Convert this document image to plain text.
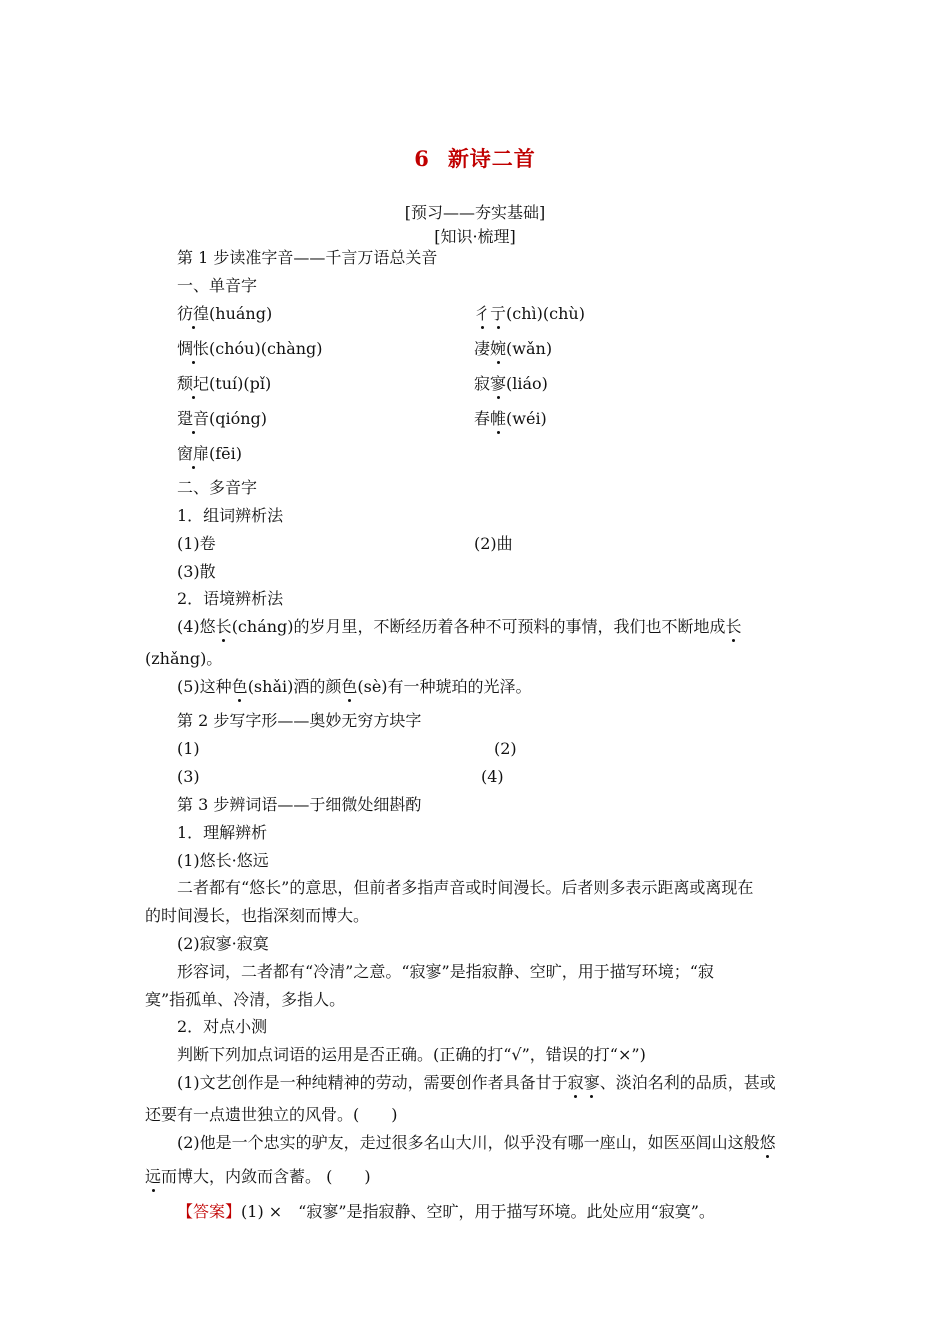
6 新诗二首
[预习——夯实基础]
[知识·梳理]
第 1 步读准字音——千言万语总关音
一、单音字
彷徨(huáng)	彳亍(chì)(chù)
惆怅(chóu)(chàng)	凄婉(wǎn)
颓圮(tuí)(pǐ)	寂寥(liáo)
跫音(qióng)	春帷(wéi)
窗扉(fēi)
二、多音字
1．组词辨析法
(1)卷	(2)曲
(3)散
2．语境辨析法
(4)悠长(cháng)的岁月里，不断经历着各种不可预料的事情，我们也不断地成长
(zhǎng)。
(5)这种色(shǎi)酒的颜色(sè)有一种琥珀的光泽。
第 2 步写字形——奥妙无穷方块字
(1)	(2)
(3)	(4)
第 3 步辨词语——于细微处细斟酌
1．理解辨析
(1)悠长·悠远
二者都有“悠长”的意思，但前者多指声音或时间漫长。后者则多表示距离或离现在
的时间漫长，也指深刻而博大。
(2)寂寥·寂寞
形容词，二者都有“冷清”之意。“寂寥”是指寂静、空旷，用于描写环境；“寂
寞”指孤单、冷清，多指人。
2．对点小测
判断下列加点词语的运用是否正确。(正确的打“√”，错误的打“×”)
(1)文艺创作是一种纯精神的劳动，需要创作者具备甘于寂寥、淡泊名利的品质，甚或
还要有一点遗世独立的风骨。(　　)
(2)他是一个忠实的驴友，走过很多名山大川，似乎没有哪一座山，如医巫闾山这般悠
远而博大，内敛而含蓄。 (　　)
【答案】(1) ×　“寂寥”是指寂静、空旷，用于描写环境。此处应用“寂寞”。
